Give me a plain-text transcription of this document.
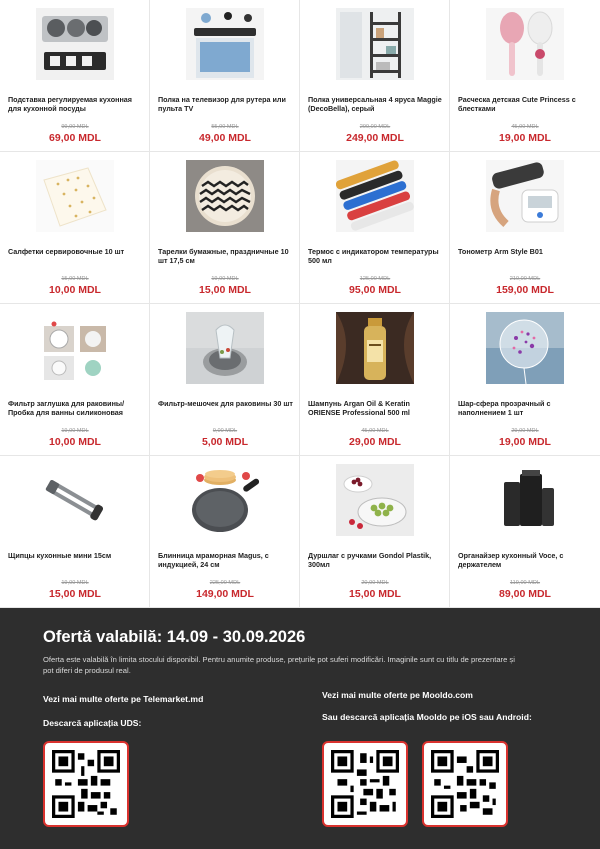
Подставка регулируемая кухонная для кухонной посуды
99,00 MDL
69,00 MDL
Полка на телевизор для рутера или пульта TV
55,00 MDL
49,00 MDL
Полка универсальная 4 яруса Maggie (DecoBella), серый
299,00 MDL
249,00 MDL
Расческа детская Cute Princess с блестками
45,00 MDL
19,00 MDL
Салфетки сервировочные 10 шт
15,00 MDL
10,00 MDL
Тарелки бумажные, праздничные 10 шт 17,5 см
19,00 MDL
15,00 MDL
Термос с индикатором температуры 500 мл
125,00 MDL
95,00 MDL
Тонометр Arm Style B01
219,00 MDL
159,00 MDL
Фильтр заглушка для раковины/ Пробка для ванны силиконовая
19,00 MDL
10,00 MDL
Фильтр-мешочек для раковины 30 шт
9,00 MDL
5,00 MDL
Шампунь Argan Oil & Keratin ORIENSE Professional 500 ml
45,00 MDL
29,00 MDL
Шар-сфера прозрачный с наполнением 1 шт
29,00 MDL
19,00 MDL
Щипцы кухонные мини 15см
19,00 MDL
15,00 MDL
Блинница мраморная Magus, с индукцией, 24 см
225,00 MDL
149,00 MDL
Дуршлаг с ручками Gondol Plastik, 300мл
20,00 MDL
15,00 MDL
Органайзер кухонный Voce, с держателем
119,00 MDL
89,00 MDL
Ofertă valabilă: 14.09 - 30.09.2026
Oferta este valabilă în limita stocului disponibil. Pentru anumite produse, prețurile pot suferi modificări. Imaginile sunt cu titlu de prezentare și pot diferi de produsul real.
Vezi mai multe oferte pe Telemarket.md
Descarcă aplicația UDS:
Vezi mai multe oferte pe Mooldo.com
Sau descarcă aplicația Mooldo pe iOS sau Android:
